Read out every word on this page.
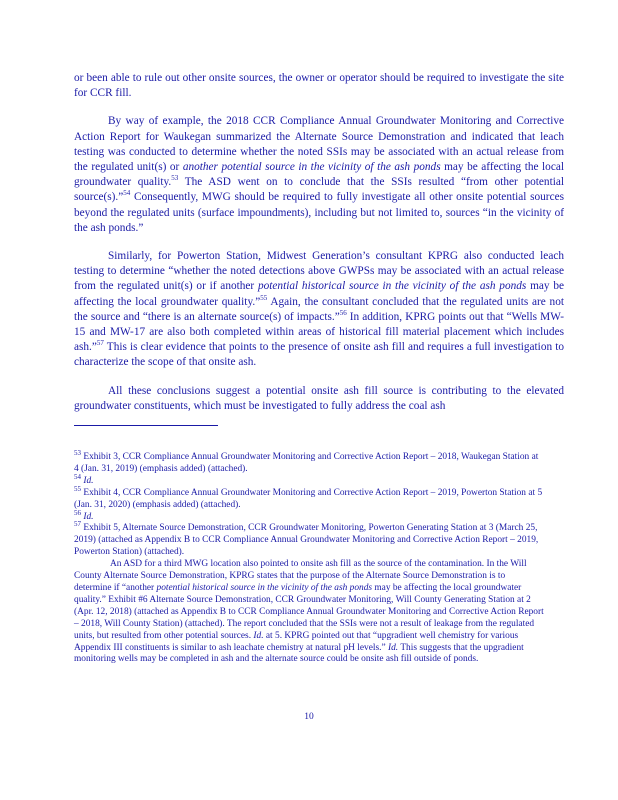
or been able to rule out other onsite sources, the owner or operator should be required to investigate the site for CCR fill.

By way of example, the 2018 CCR Compliance Annual Groundwater Monitoring and Corrective Action Report for Waukegan summarized the Alternate Source Demonstration and indicated that leach testing was conducted to determine whether the noted SSIs may be associated with an actual release from the regulated unit(s) or another potential source in the vicinity of the ash ponds may be affecting the local groundwater quality.$^{53}$ The ASD went on to conclude that the SSIs resulted “from other potential source(s).”$^{54}$ Consequently, MWG should be required to fully investigate all other onsite potential sources beyond the regulated units (surface impoundments), including but not limited to, sources “in the vicinity of the ash ponds.”

Similarly, for Powerton Station, Midwest Generation’s consultant KPRG also conducted leach testing to determine “whether the noted detections above GWPSs may be associated with an actual release from the regulated unit(s) or if another potential historical source in the vicinity of the ash ponds may be affecting the local groundwater quality.”$^{55}$ Again, the consultant concluded that the regulated units are not the source and “there is an alternate source(s) of impacts.”$^{56}$ In addition, KPRG points out that “Wells MW-15 and MW-17 are also both completed within areas of historical fill material placement which includes ash.”$^{57}$ This is clear evidence that points to the presence of onsite ash fill and requires a full investigation to characterize the scope of that onsite ash.

All these conclusions suggest a potential onsite ash fill source is contributing to the elevated groundwater constituents, which must be investigated to fully address the coal ash

$^{53}$ Exhibit 3, CCR Compliance Annual Groundwater Monitoring and Corrective Action Report – 2018, Waukegan Station at 4 (Jan. 31, 2019) (emphasis added) (attached).

$^{54}$ Id.

$^{55}$ Exhibit 4, CCR Compliance Annual Groundwater Monitoring and Corrective Action Report – 2019, Powerton Station at 5 (Jan. 31, 2020) (emphasis added) (attached).

$^{56}$ Id.

$^{57}$ Exhibit 5, Alternate Source Demonstration, CCR Groundwater Monitoring, Powerton Generating Station at 3 (March 25, 2019) (attached as Appendix B to CCR Compliance Annual Groundwater Monitoring and Corrective Action Report – 2019, Powerton Station) (attached).

An ASD for a third MWG location also pointed to onsite ash fill as the source of the contamination. In the Will County Alternate Source Demonstration, KPRG states that the purpose of the Alternate Source Demonstration is to determine if “another potential historical source in the vicinity of the ash ponds may be affecting the local groundwater quality.” Exhibit #6 Alternate Source Demonstration, CCR Groundwater Monitoring, Will County Generating Station at 2 (Apr. 12, 2018) (attached as Appendix B to CCR Compliance Annual Groundwater Monitoring and Corrective Action Report – 2018, Will County Station) (attached). The report concluded that the SSIs were not a result of leakage from the regulated units, but resulted from other potential sources. Id. at 5. KPRG pointed out that “upgradient well chemistry for various Appendix III constituents is similar to ash leachate chemistry at natural pH levels.” Id. This suggests that the upgradient monitoring wells may be completed in ash and the alternate source could be onsite ash fill outside of ponds.

10
